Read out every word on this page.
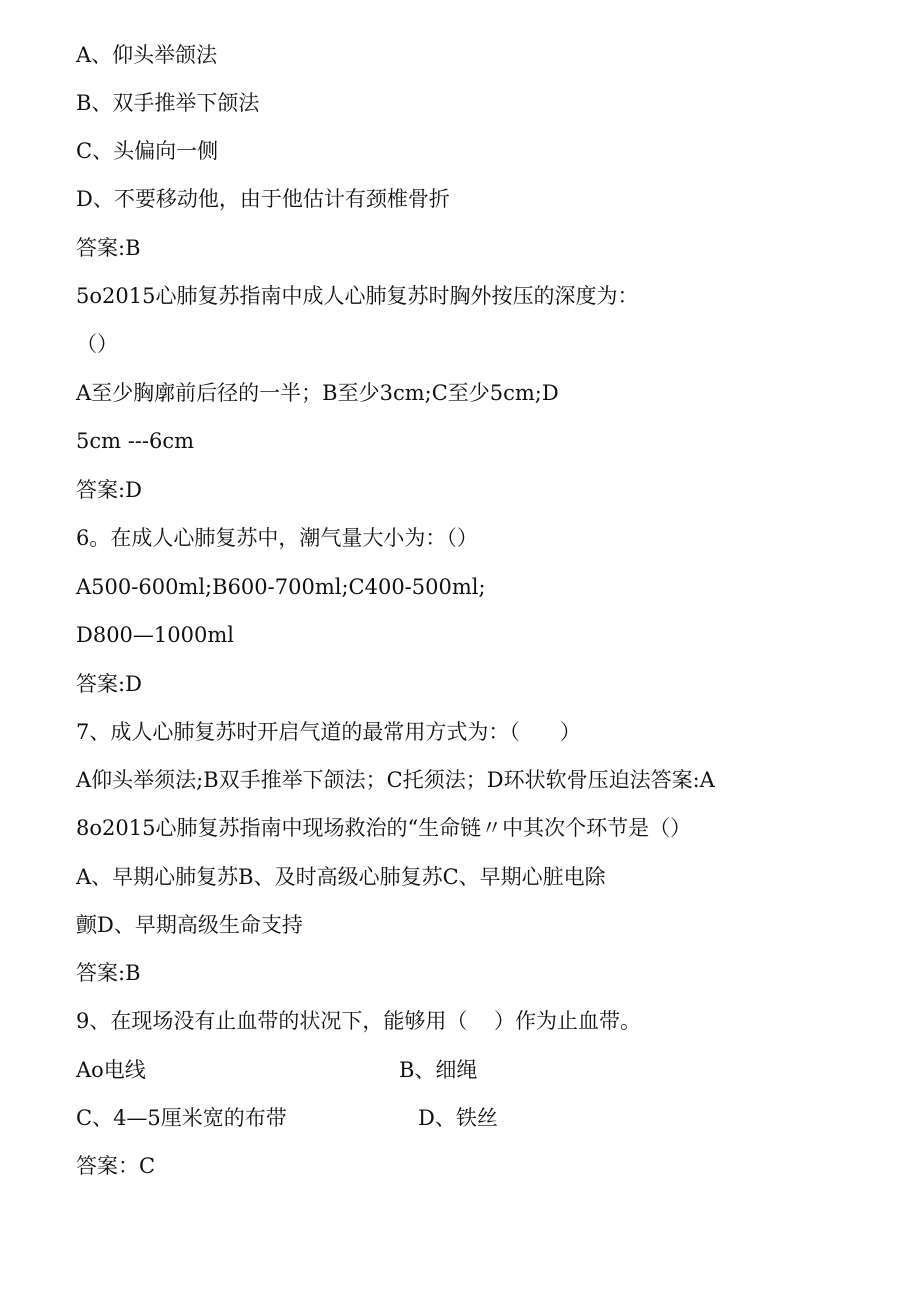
A、仰头举颌法
B、双手推举下颌法
C、头偏向一侧
D、不要移动他，由于他估计有颈椎骨折
答案:B
5o2015心肺复苏指南中成人心肺复苏时胸外按压的深度为：
（）
A至少胸廓前后径的一半；B至少3cm;C至少5cm;D
5cm ---6cm
答案:D
6。在成人心肺复苏中，潮气量大小为：（）
A500-600ml;B600-700ml;C400-500ml;
D800—1000ml
答案:D
7、成人心肺复苏时开启气道的最常用方式为：（      ）
A仰头举须法;B双手推举下颌法；C托须法；D环状软骨压迫法答案:A
8o2015心肺复苏指南中现场救治的“生命链〃中其次个环节是（）
A、早期心肺复苏B、及时高级心肺复苏C、早期心脏电除
颤D、早期高级生命支持
答案:B
9、在现场没有止血带的状况下，能够用（    ）作为止血带。
Ao电线	B、细绳
C、4—5厘米宽的布带	D、铁丝
答案：C
